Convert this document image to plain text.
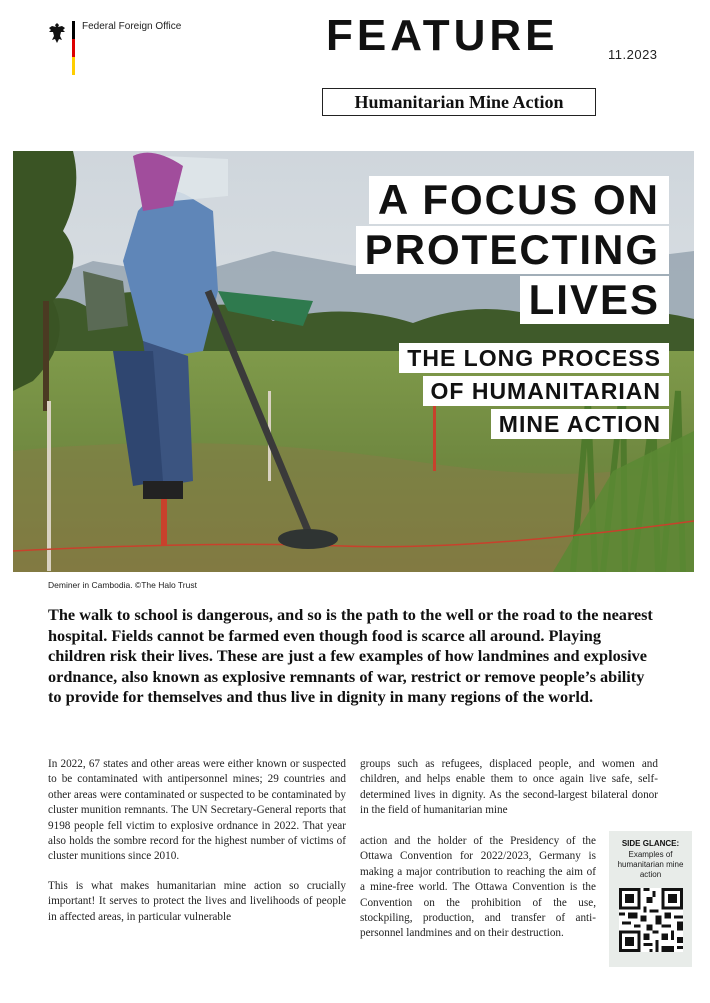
Federal Foreign Office	FEATURE	11.2023
Humanitarian Mine Action
A FOCUS ON
PROTECTING
LIVES
THE LONG PROCESS
OF HUMANITARIAN
MINE ACTION
Deminer in Cambodia. ©The Halo Trust
The walk to school is dangerous, and so is the path to the well or the road to the nearest hospital. Fields cannot be farmed even though food is scarce all around. Playing children risk their lives. These are just a few examples of how landmines and explosive ordnance, also known as explosive remnants of war, restrict or remove people’s ability to provide for themselves and thus live in dignity in many regions of the world.

In 2022, 67 states and other areas were either known or suspected to be contaminated with antipersonnel mines; 29 countries and other areas were contaminated or suspected to be contaminated by cluster munition remnants. The UN Secretary-General reports that 9198 people fell victim to explosive ordnance in 2022. That year also holds the sombre record for the highest number of victims of cluster munitions since 2010.

This is what makes humanitarian mine action so crucially important! It serves to protect the lives and livelihoods of people in affected areas, in particular vulnerable

groups such as refugees, displaced people, and women and children, and helps enable them to once again live safe, self-determined lives in dignity. As the second-largest bilateral donor in the field of humanitarian mine

action and the holder of the Presidency of the Ottawa Convention for 2022/2023, Germany is making a major contribution to reaching the aim of a mine-free world. The Ottawa Convention is the Convention on the prohibition of the use, stockpiling, production, and transfer of anti-personnel landmines and on their destruction.

SIDE GLANCE:
Examples of humanitarian mine action
